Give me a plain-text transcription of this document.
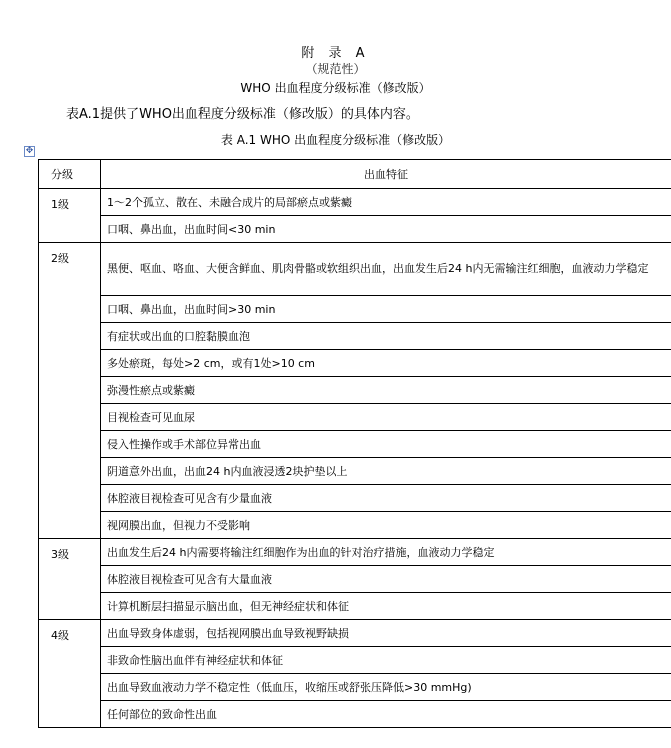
附 录 A
（规范性）
WHO 出血程度分级标准（修改版）
表A.1提供了WHO出血程度分级标准（修改版）的具体内容。
表 A.1 WHO 出血程度分级标准（修改版）
✥
分级	出血特征
1级	1～2个孤立、散在、未融合成片的局部瘀点或紫癜
	口咽、鼻出血，出血时间<30 min
2级	黑便、呕血、咯血、大便含鲜血、肌肉骨骼或软组织出血，出血发生后24 h内无需输注红细胞，血液动力学稳定

	口咽、鼻出血，出血时间>30 min
	有症状或出血的口腔黏膜血泡
	多处瘀斑，每处>2 cm，或有1处>10 cm
	弥漫性瘀点或紫癜
	目视检查可见血尿
	侵入性操作或手术部位异常出血
	阴道意外出血，出血24 h内血液浸透2块护垫以上
	体腔液目视检查可见含有少量血液
	视网膜出血，但视力不受影响
3级	出血发生后24 h内需要将输注红细胞作为出血的针对治疗措施，血液动力学稳定
	体腔液目视检查可见含有大量血液
	计算机断层扫描显示脑出血，但无神经症状和体征
4级	出血导致身体虚弱，包括视网膜出血导致视野缺损
	非致命性脑出血伴有神经症状和体征
	出血导致血液动力学不稳定性（低血压，收缩压或舒张压降低>30 mmHg)
	任何部位的致命性出血
